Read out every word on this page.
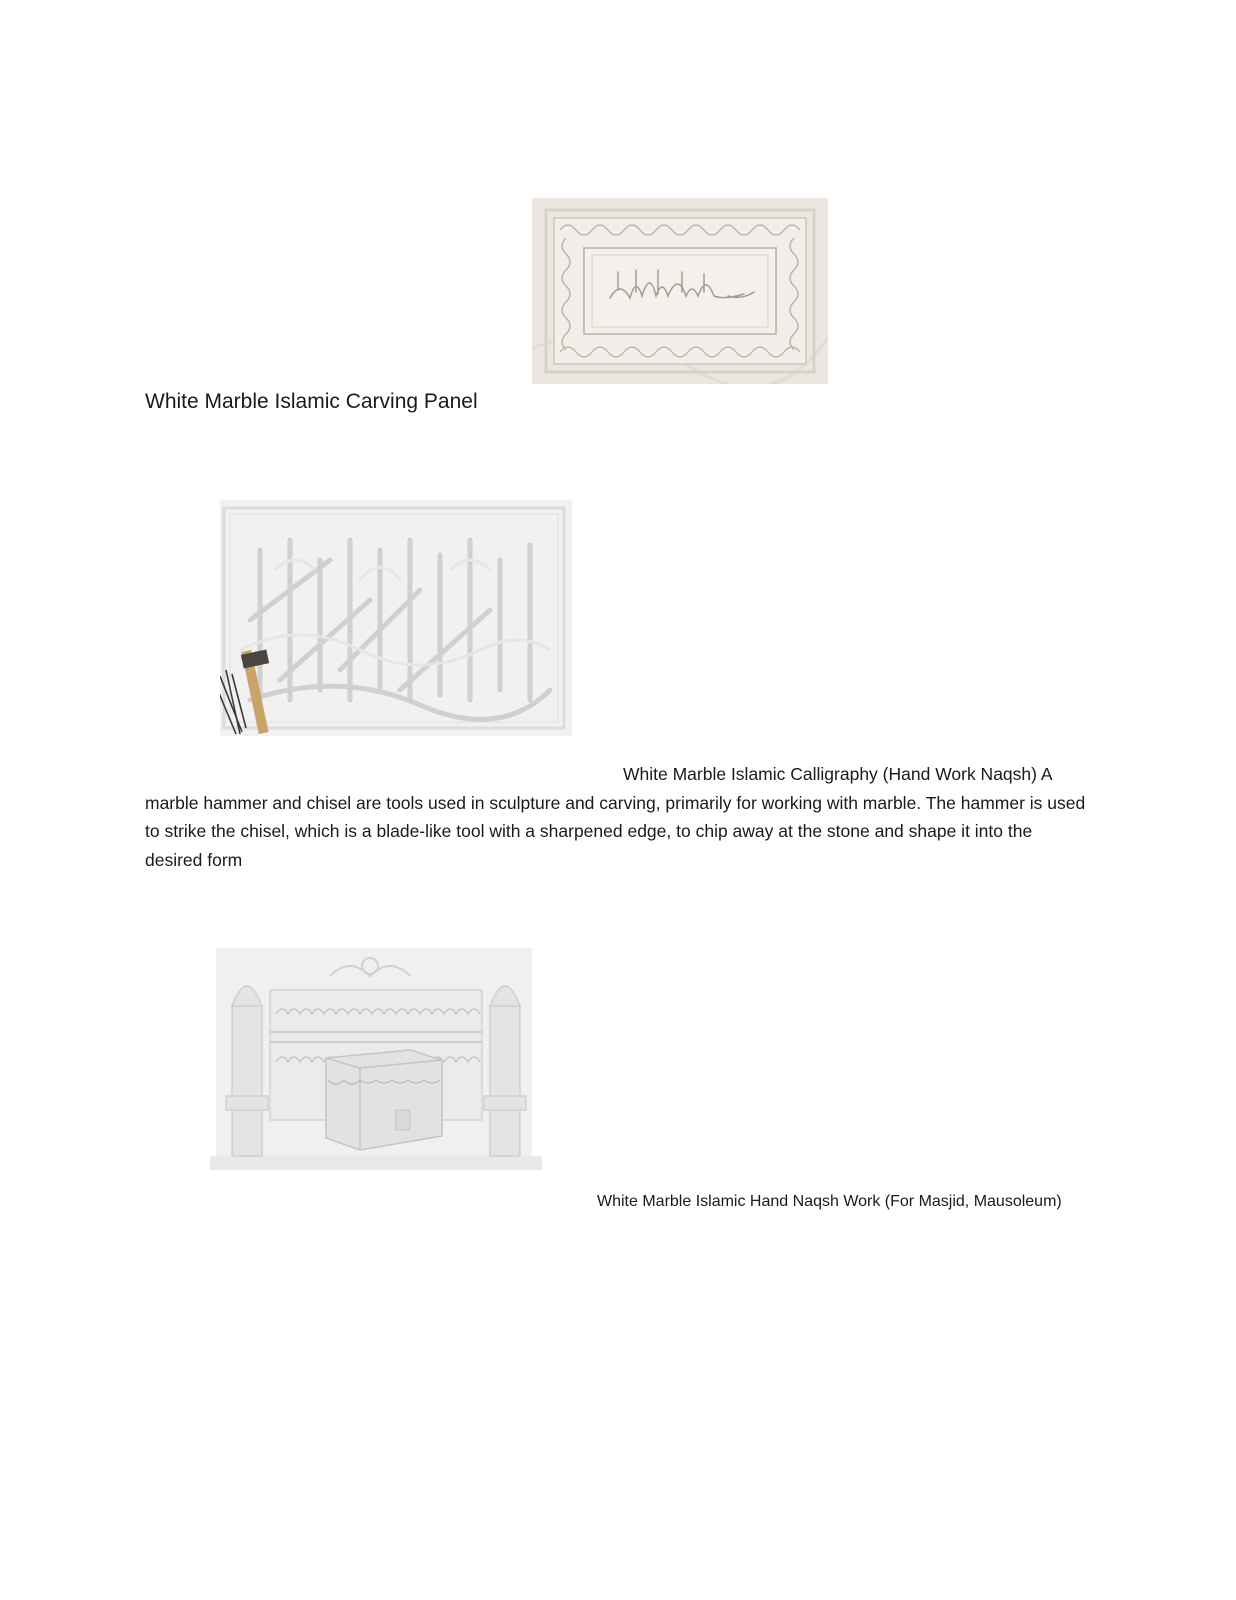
White Marble Islamic Carving Panel
White Marble Islamic Calligraphy (Hand Work Naqsh) A marble hammer and chisel are tools used in sculpture and carving, primarily for working with marble. The hammer is used to strike the chisel, which is a blade-like tool with a sharpened edge, to chip away at the stone and shape it into the desired form
White Marble Islamic Hand Naqsh Work (For Masjid, Mausoleum)
